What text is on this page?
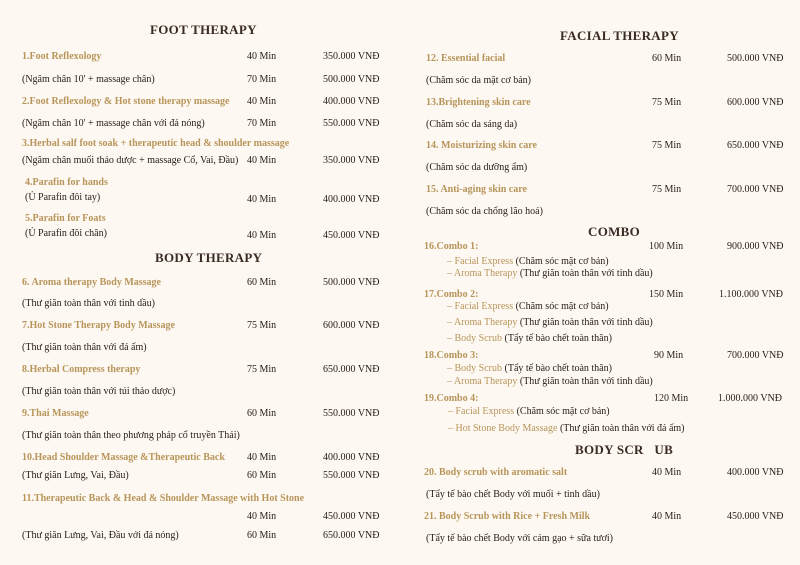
FOOT THERAPY
1.Foot Reflexology	40 Min	350.000 VNĐ
(Ngâm chân 10' + massage chân)	70 Min	500.000 VNĐ
2.Foot Reflexology & Hot stone therapy massage 40 Min	400.000 VNĐ
(Ngâm chân 10' + massage chân với đá nóng)	70 Min	550.000 VNĐ
3.Herbal salf foot soak + therapeutic head & shoulder massage
(Ngâm chân muối thảo dược + massage Cổ, Vai, Đầu) 40 Min	350.000 VNĐ
4.Parafin for hands
(Ủ Parafin đôi tay)	40 Min	400.000 VNĐ
5.Parafin for Foats
(Ủ Parafin đôi chân)	40 Min	450.000 VNĐ
BODY THERAPY
6. Aroma therapy Body Massage	60 Min	500.000 VNĐ
(Thư giãn toàn thân với tinh dầu)
7.Hot Stone Therapy Body Massage	75 Min	600.000 VNĐ
(Thư giãn toàn thân với đá ấm)
8.Herbal Compress therapy	75 Min	650.000 VNĐ
(Thư giãn toàn thân với túi thảo dược)
9.Thai Massage	60 Min	550.000 VNĐ
(Thư giãn toàn thân theo phương pháp cổ truyền Thái)
10.Head Shoulder Massage &Therapeutic Back 40 Min	400.000 VNĐ
(Thư giãn Lưng, Vai, Đầu)	60 Min	550.000 VNĐ
11.Therapeutic Back & Head & Shoulder Massage with Hot Stone
40 Min	450.000 VNĐ
(Thư giãn Lưng, Vai, Đầu với đá nóng)	60 Min	650.000 VNĐ
FACIAL THERAPY
12. Essential facial	60 Min	500.000 VNĐ
(Chăm sóc da mặt cơ bản)
13.Brightening skin care	75 Min	600.000 VNĐ
(Chăm sóc da sáng da)
14. Moisturizing skin care	75 Min	650.000 VNĐ
(Chăm sóc da dưỡng ẩm)
15. Anti-aging skin care	75 Min	700.000 VNĐ
(Chăm sóc da chống lão hoá)
COMBO
16.Combo 1:	100 Min	900.000 VNĐ
– Facial Express (Chăm sóc mặt cơ bản)
– Aroma Therapy (Thư giãn toàn thân với tinh dầu)
17.Combo 2:	150 Min	1.100.000 VNĐ
– Facial Express (Chăm sóc mặt cơ bản)
– Aroma Therapy (Thư giãn toàn thân với tinh dầu)
– Body Scrub (Tẩy tế bào chết toàn thân)
18.Combo 3:	90 Min	700.000 VNĐ
– Body Scrub (Tẩy tế bào chết toàn thân)
– Aroma Therapy (Thư giãn toàn thân với tinh dầu)
19.Combo 4:	120 Min	1.000.000 VNĐ
– Facial Express (Chăm sóc mặt cơ bản)
– Hot Stone Body Massage (Thư giãn toàn thân với đá ấm)
BODY SCR   UB
20. Body scrub with aromatic salt	40 Min	400.000 VNĐ
(Tẩy tế bào chết Body với muối + tinh dầu)
21. Body Scrub with Rice + Fresh Milk	40 Min	450.000 VNĐ
(Tẩy tế bào chết Body với cám gạo + sữa tươi)
